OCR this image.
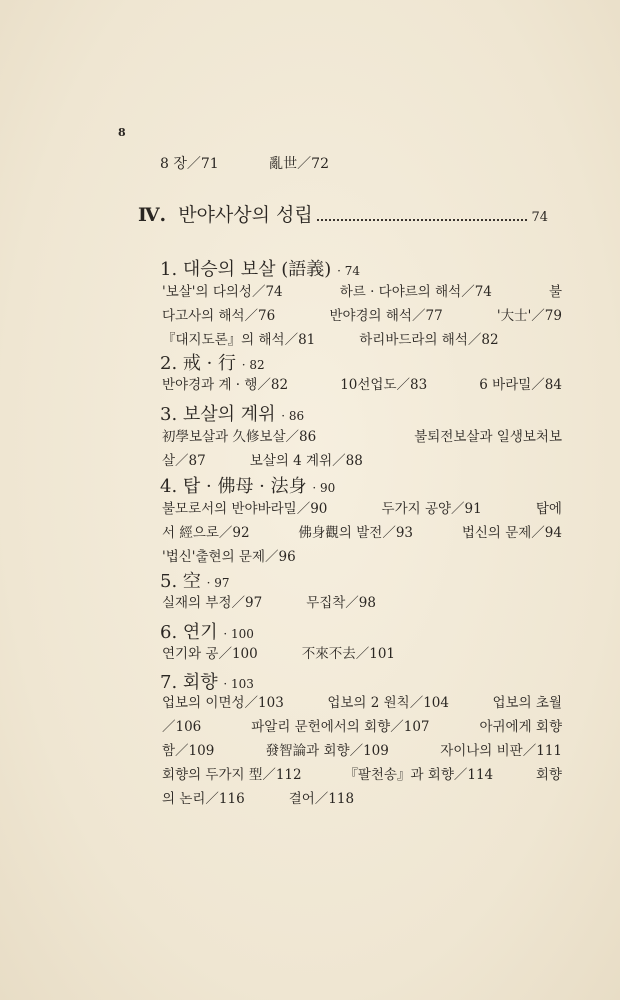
8
8 장／71	亂世／72
Ⅳ. 반야사상의 성립	74
1. 대승의 보살 (語義) · 74
'보살'의 다의성／74	하르 · 다야르의 해석／74	불
다고사의 해석／76	반야경의 해석／77	'大士'／79
『대지도론』의 해석／81	하리바드라의 해석／82
2. 戒 · 行 · 82
반야경과 계 · 행／82	10선업도／83	6 바라밀／84
3. 보살의 계위 · 86
初學보살과 久修보살／86	불퇴전보살과 일생보처보
살／87	보살의 4 계위／88
4. 탑 · 佛母 · 法身 · 90
불모로서의 반야바라밀／90	두가지 공양／91	탑에
서 經으로／92	佛身觀의 발전／93	법신의 문제／94
'법신'출현의 문제／96
5. 空 · 97
실재의 부정／97	무집착／98
6. 연기 · 100
연기와 공／100	不來不去／101
7. 회향 · 103
업보의 이면성／103	업보의 2 원칙／104	업보의 초월
／106	파알리 문헌에서의 회향／107	아귀에게 회향
함／109	發智論과 회향／109	자이나의 비판／111
회향의 두가지 型／112	『팔천송』과 회향／114	회향
의 논리／116	결어／118
